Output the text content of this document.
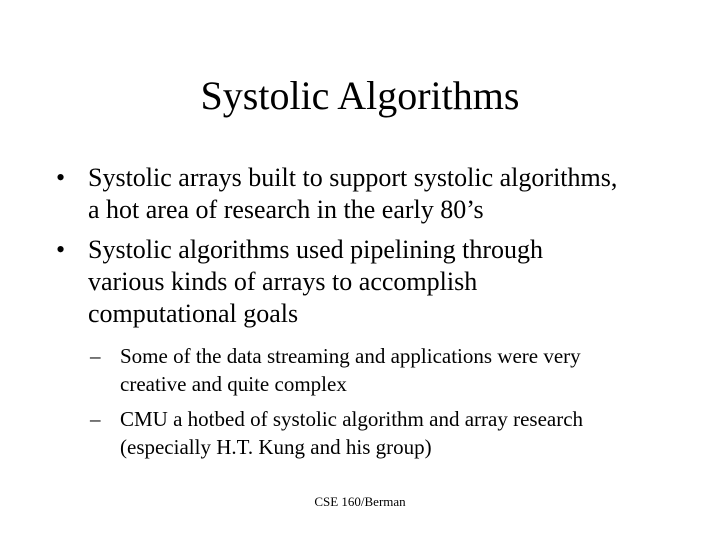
Systolic Algorithms
• Systolic arrays built to support systolic algorithms,
a hot area of research in the early 80’s
• Systolic algorithms used pipelining through
various kinds of arrays to accomplish
computational goals
– Some of the data streaming and applications were very
creative and quite complex
– CMU a hotbed of systolic algorithm and array research
(especially H.T. Kung and his group)
CSE 160/Berman
